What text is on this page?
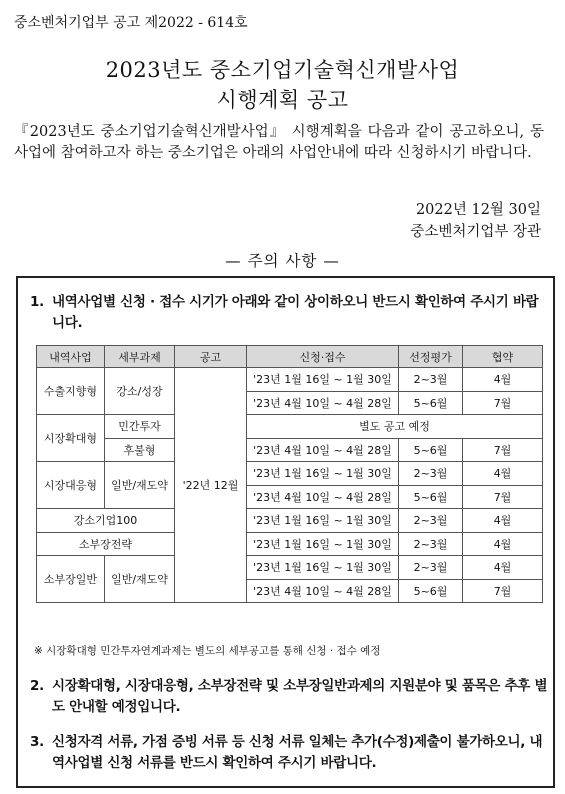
중소벤처기업부 공고 제2022 - 614호
2023년도 중소기업기술혁신개발사업
시행계획 공고
『2023년도 중소기업기술혁신개발사업』 시행계획을 다음과 같이 공고하오니, 동 사업에 참여하고자 하는 중소기업은 아래의 사업안내에 따라 신청하시기 바랍니다.
2022년 12월 30일
중소벤처기업부 장관
— 주의 사항 —
1. 내역사업별 신청 · 접수 시기가 아래와 같이 상이하오니 반드시 확인하여 주시기 바랍니다.
내역사업	세부과제	공고	신청·접수	선정평가	협약
수출지향형	강소/성장	'22년 12월	'23년 1월 16일 ~ 1월 30일	2~3월	4월
			'23년 4월 10일 ~ 4월 28일	5~6월	7월
시장확대형	민간투자		별도 공고 예정		
	후불형		'23년 4월 10일 ~ 4월 28일	5~6월	7월
시장대응형	일반/재도약		'23년 1월 16일 ~ 1월 30일	2~3월	4월
			'23년 4월 10일 ~ 4월 28일	5~6월	7월
강소기업100			'23년 1월 16일 ~ 1월 30일	2~3월	4월
소부장전략			'23년 1월 16일 ~ 1월 30일	2~3월	4월
소부장일반	일반/재도약		'23년 1월 16일 ~ 1월 30일	2~3월	4월
			'23년 4월 10일 ~ 4월 28일	5~6월	7월
※ 시장확대형 민간투자연계과제는 별도의 세부공고를 통해 신청 · 접수 예정
2. 시장확대형, 시장대응형, 소부장전략 및 소부장일반과제의 지원분야 및 품목은 추후 별도 안내할 예정입니다.
3. 신청자격 서류, 가점 증빙 서류 등 신청 서류 일체는 추가(수정)제출이 불가하오니, 내역사업별 신청 서류를 반드시 확인하여 주시기 바랍니다.
